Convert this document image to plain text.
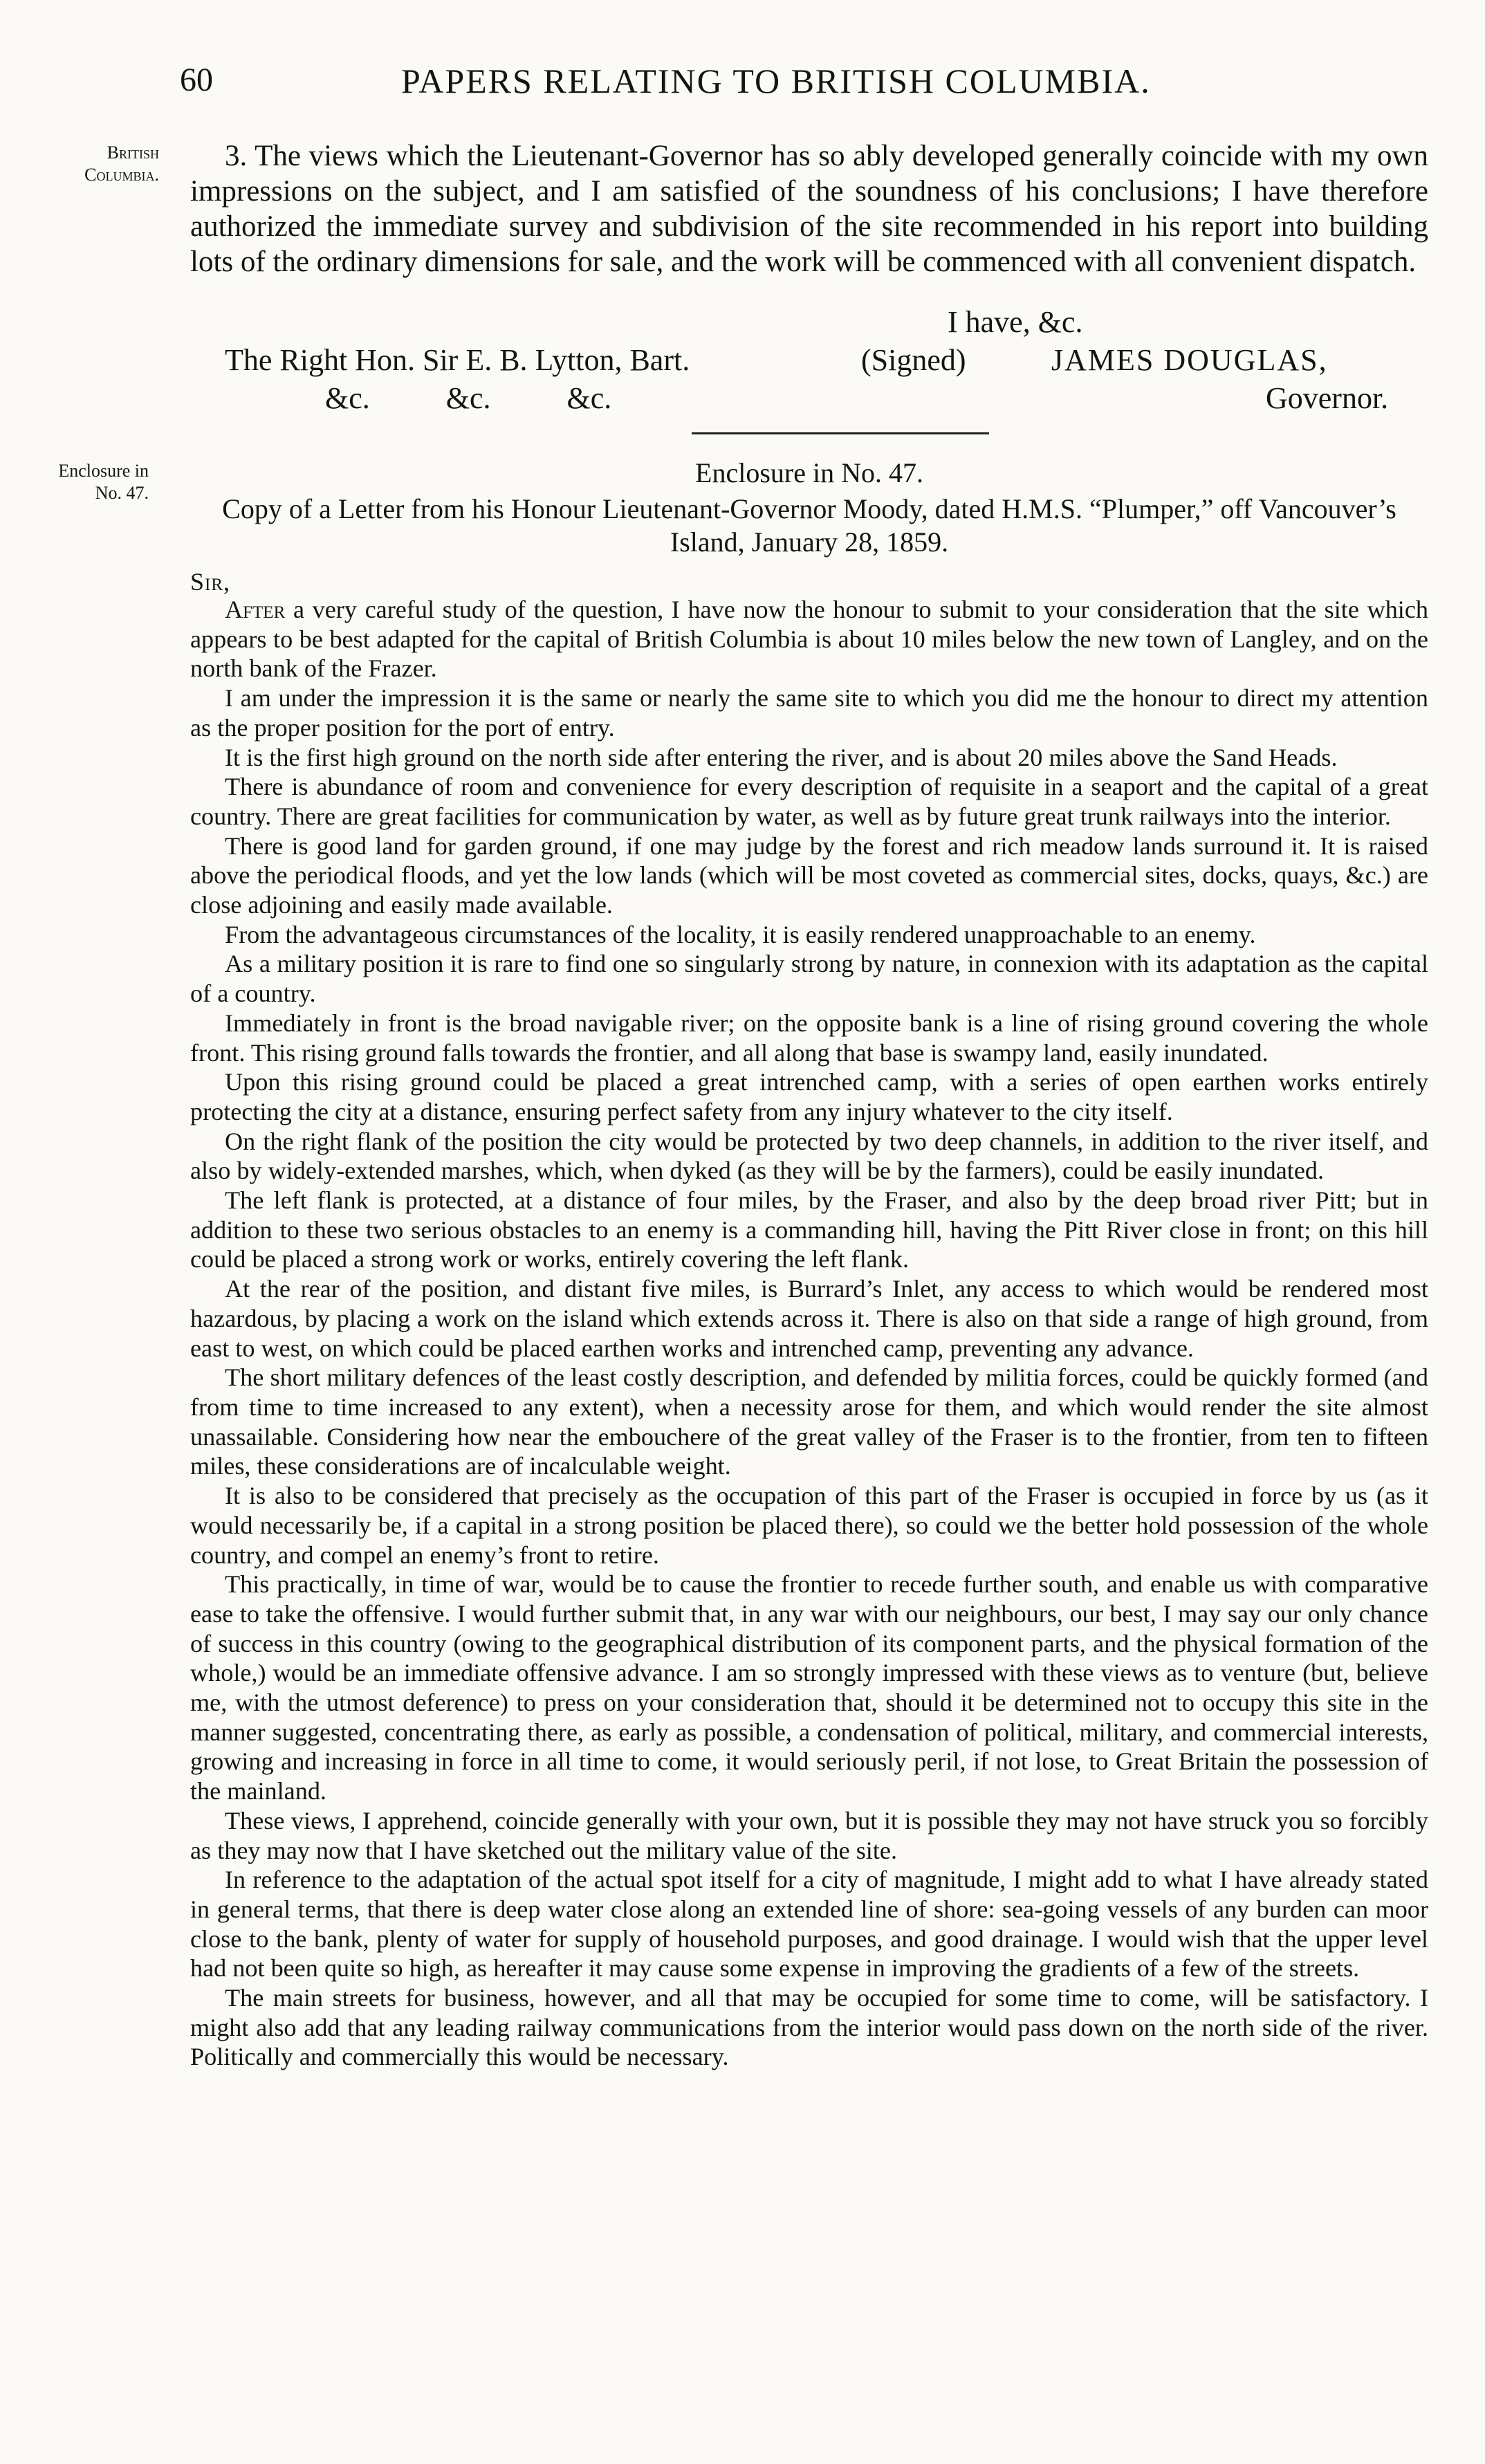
60	PAPERS RELATING TO BRITISH COLUMBIA.
British
Columbia.

3. The views which the Lieutenant-Governor has so ably developed generally coincide with my own impressions on the subject, and I am satisfied of the soundness of his conclusions; I have therefore authorized the immediate survey and subdivision of the site recommended in his report into building lots of the ordinary dimensions for sale, and the work will be commenced with all convenient dispatch.

I have, &c.
The Right Hon. Sir E. B. Lytton, Bart.
&c.          &c.          &c.
(Signed)	JAMES DOUGLAS,
Governor.
Enclosure in
No. 47.
Enclosure in No. 47.

Copy of a Letter from his Honour Lieutenant-Governor Moody, dated H.M.S. “Plumper,” off Vancouver’s Island, January 28, 1859.

Sir,

After a very careful study of the question, I have now the honour to submit to your consideration that the site which appears to be best adapted for the capital of British Columbia is about 10 miles below the new town of Langley, and on the north bank of the Frazer.

I am under the impression it is the same or nearly the same site to which you did me the honour to direct my attention as the proper position for the port of entry.

It is the first high ground on the north side after entering the river, and is about 20 miles above the Sand Heads.

There is abundance of room and convenience for every description of requisite in a seaport and the capital of a great country. There are great facilities for communication by water, as well as by future great trunk railways into the interior.

There is good land for garden ground, if one may judge by the forest and rich meadow lands surround it. It is raised above the periodical floods, and yet the low lands (which will be most coveted as commercial sites, docks, quays, &c.) are close adjoining and easily made available.

From the advantageous circumstances of the locality, it is easily rendered unapproachable to an enemy.

As a military position it is rare to find one so singularly strong by nature, in connexion with its adaptation as the capital of a country.

Immediately in front is the broad navigable river; on the opposite bank is a line of rising ground covering the whole front. This rising ground falls towards the frontier, and all along that base is swampy land, easily inundated.

Upon this rising ground could be placed a great intrenched camp, with a series of open earthen works entirely protecting the city at a distance, ensuring perfect safety from any injury whatever to the city itself.

On the right flank of the position the city would be protected by two deep channels, in addition to the river itself, and also by widely-extended marshes, which, when dyked (as they will be by the farmers), could be easily inundated.

The left flank is protected, at a distance of four miles, by the Fraser, and also by the deep broad river Pitt; but in addition to these two serious obstacles to an enemy is a commanding hill, having the Pitt River close in front; on this hill could be placed a strong work or works, entirely covering the left flank.

At the rear of the position, and distant five miles, is Burrard’s Inlet, any access to which would be rendered most hazardous, by placing a work on the island which extends across it. There is also on that side a range of high ground, from east to west, on which could be placed earthen works and intrenched camp, preventing any advance.

The short military defences of the least costly description, and defended by militia forces, could be quickly formed (and from time to time increased to any extent), when a necessity arose for them, and which would render the site almost unassailable. Considering how near the embouchere of the great valley of the Fraser is to the frontier, from ten to fifteen miles, these considerations are of incalculable weight.

It is also to be considered that precisely as the occupation of this part of the Fraser is occupied in force by us (as it would necessarily be, if a capital in a strong position be placed there), so could we the better hold possession of the whole country, and compel an enemy’s front to retire.

This practically, in time of war, would be to cause the frontier to recede further south, and enable us with comparative ease to take the offensive. I would further submit that, in any war with our neighbours, our best, I may say our only chance of success in this country (owing to the geographical distribution of its component parts, and the physical formation of the whole,) would be an immediate offensive advance. I am so strongly impressed with these views as to venture (but, believe me, with the utmost deference) to press on your consideration that, should it be determined not to occupy this site in the manner suggested, concentrating there, as early as possible, a condensation of political, military, and commercial interests, growing and increasing in force in all time to come, it would seriously peril, if not lose, to Great Britain the possession of the mainland.

These views, I apprehend, coincide generally with your own, but it is possible they may not have struck you so forcibly as they may now that I have sketched out the military value of the site.

In reference to the adaptation of the actual spot itself for a city of magnitude, I might add to what I have already stated in general terms, that there is deep water close along an extended line of shore: sea-going vessels of any burden can moor close to the bank, plenty of water for supply of household purposes, and good drainage. I would wish that the upper level had not been quite so high, as hereafter it may cause some expense in improving the gradients of a few of the streets.

The main streets for business, however, and all that may be occupied for some time to come, will be satisfactory. I might also add that any leading railway communications from the interior would pass down on the north side of the river. Politically and commercially this would be necessary.
